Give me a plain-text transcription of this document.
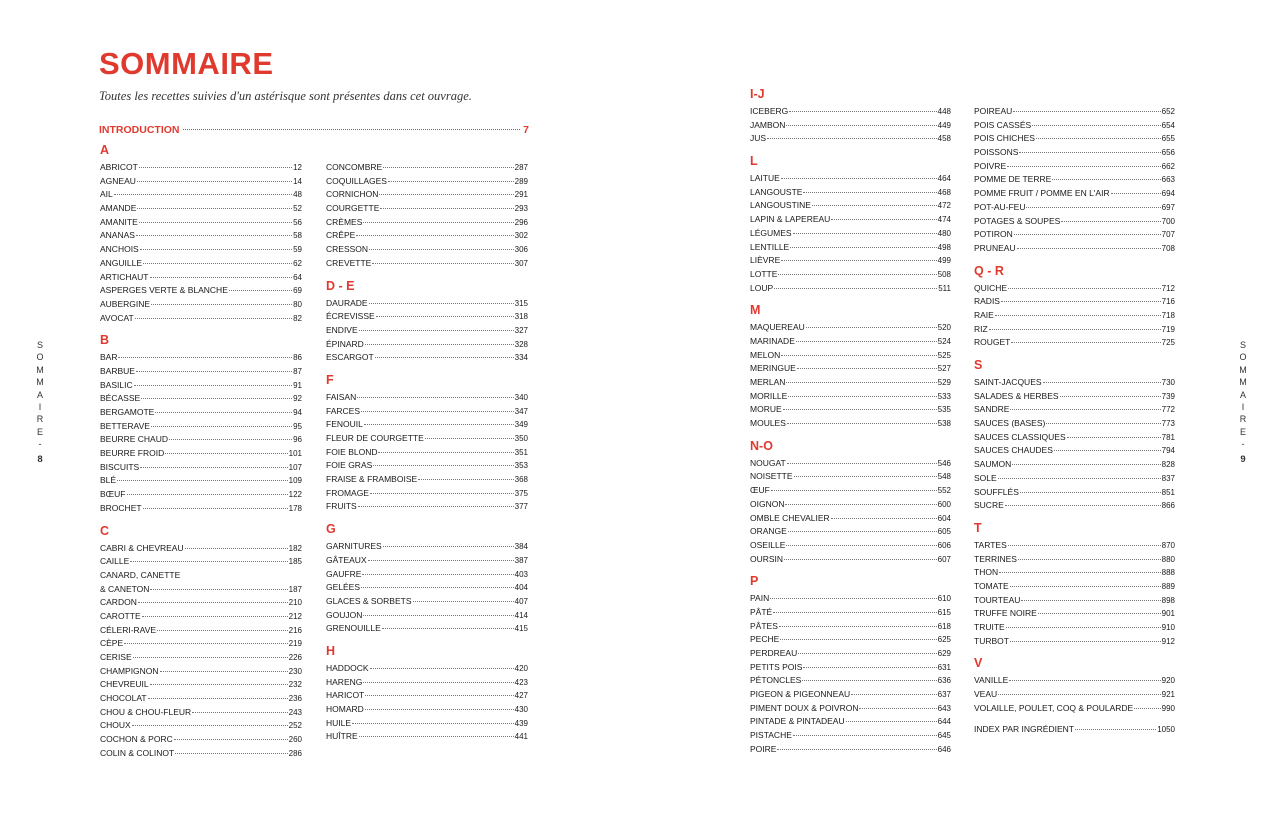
SOMMAIRE

Toutes les recettes suivies d'un astérisque sont présentes dans cet ouvrage.

INTRODUCTION	7
A
ABRICOT	12
AGNEAU	14
AIL	48
AMANDE	52
AMANITE	56
ANANAS	58
ANCHOIS	59
ANGUILLE	62
ARTICHAUT	64
ASPERGES VERTE & BLANCHE	69
AUBERGINE	80
AVOCAT	82
B
BAR	86
BARBUE	87
BASILIC	91
BÉCASSE	92
BERGAMOTE	94
BETTERAVE	95
BEURRE CHAUD	96
BEURRE FROID	101
BISCUITS	107
BLÉ	109
BŒUF	122
BROCHET	178
C
CABRI & CHEVREAU	182
CAILLE	185
CANARD, CANETTE
& CANETON	187
CARDON	210
CAROTTE	212
CÉLERI-RAVE	216
CÈPE	219
CERISE	226
CHAMPIGNON	230
CHEVREUIL	232
CHOCOLAT	236
CHOU & CHOU-FLEUR	243
CHOUX	252
COCHON & PORC	260
COLIN & COLINOT	286
CONCOMBRE	287
COQUILLAGES	289
CORNICHON	291
COURGETTE	293
CRÈMES	296
CRÊPE	302
CRESSON	306
CREVETTE	307
D - E
DAURADE	315
ÉCREVISSE	318
ENDIVE	327
ÉPINARD	328
ESCARGOT	334
F
FAISAN	340
FARCES	347
FENOUIL	349
FLEUR DE COURGETTE	350
FOIE BLOND	351
FOIE GRAS	353
FRAISE & FRAMBOISE	368
FROMAGE	375
FRUITS	377
G
GARNITURES	384
GÂTEAUX	387
GAUFRE	403
GELÉES	404
GLACES & SORBETS	407
GOUJON	414
GRENOUILLE	415
H
HADDOCK	420
HARENG	423
HARICOT	427
HOMARD	430
HUILE	439
HUÎTRE	441
I-J
ICEBERG	448
JAMBON	449
JUS	458
L
LAITUE	464
LANGOUSTE	468
LANGOUSTINE	472
LAPIN & LAPEREAU	474
LÉGUMES	480
LENTILLE	498
LIÈVRE	499
LOTTE	508
LOUP	511
M
MAQUEREAU	520
MARINADE	524
MELON	525
MERINGUE	527
MERLAN	529
MORILLE	533
MORUE	535
MOULES	538
N-O
NOUGAT	546
NOISETTE	548
ŒUF	552
OIGNON	600
OMBLE CHEVALIER	604
ORANGE	605
OSEILLE	606
OURSIN	607
P
PAIN	610
PÂTÉ	615
PÂTES	618
PECHE	625
PERDREAU	629
PETITS POIS	631
PÉTONCLES	636
PIGEON & PIGEONNEAU	637
PIMENT DOUX & POIVRON	643
PINTADE & PINTADEAU	644
PISTACHE	645
POIRE	646
POIREAU	652
POIS CASSÉS	654
POIS CHICHES	655
POISSONS	656
POIVRE	662
POMME DE TERRE	663
POMME FRUIT / POMME EN L'AIR	694
POT-AU-FEU	697
POTAGES & SOUPES	700
POTIRON	707
PRUNEAU	708
Q - R
QUICHE	712
RADIS	716
RAIE	718
RIZ	719
ROUGET	725
S
SAINT-JACQUES	730
SALADES & HERBES	739
SANDRE	772
SAUCES (BASES)	773
SAUCES CLASSIQUES	781
SAUCES CHAUDES	794
SAUMON	828
SOLE	837
SOUFFLÉS	851
SUCRE	866
T
TARTES	870
TERRINES	880
THON	888
TOMATE	889
TOURTEAU	898
TRUFFE NOIRE	901
TRUITE	910
TURBOT	912
V
VANILLE	920
VEAU	921
VOLAILLE, POULET, COQ & POULARDE	990
INDEX PAR INGRÉDIENT	1050
S
O
M
M
A
I
R
E
-
8
S
O
M
M
A
I
R
E
-
9
